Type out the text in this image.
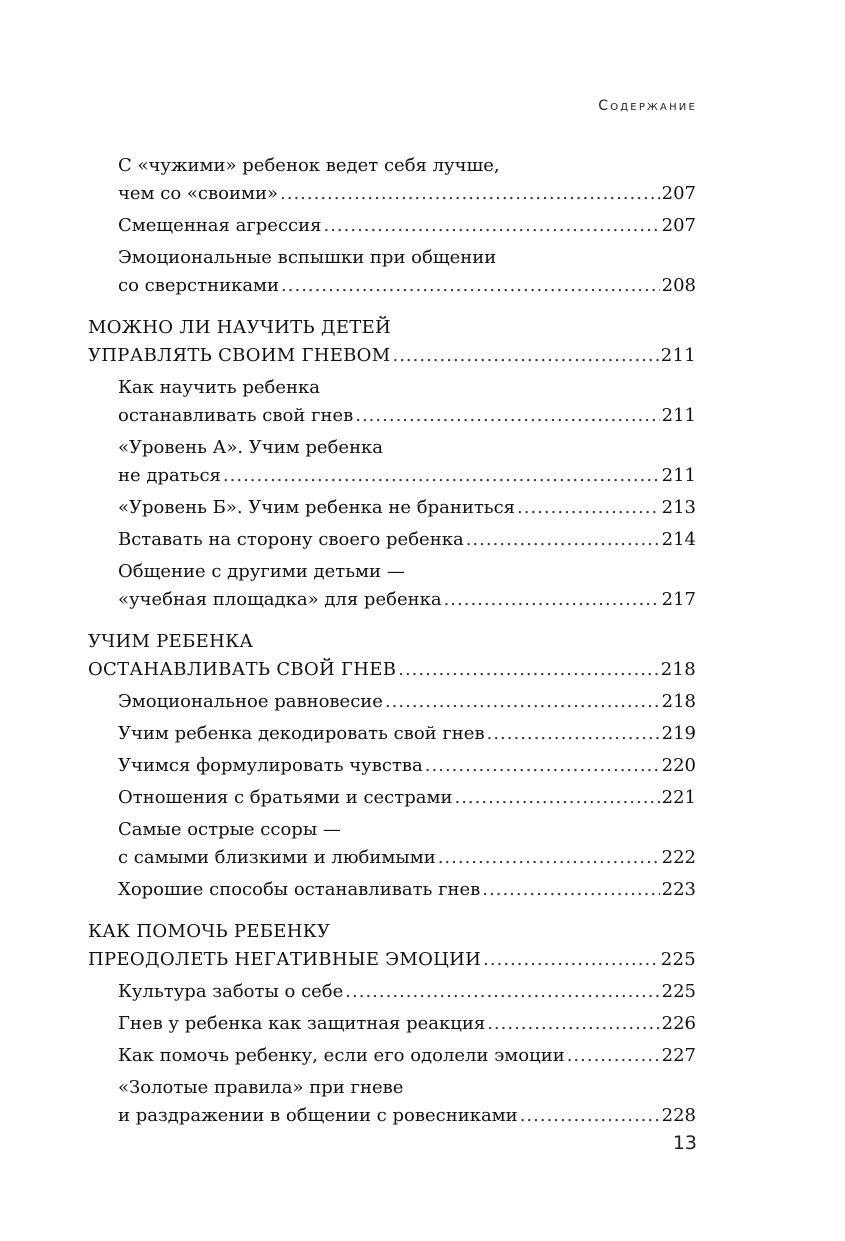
Содержание
С «чужими» ребенок ведет себя лучше,
чем со «своими» .....	207
Смещенная агрессия .....	207
Эмоциональные вспышки при общении
со сверстниками .....	208
МОЖНО ЛИ НАУЧИТЬ ДЕТЕЙ
УПРАВЛЯТЬ СВОИМ ГНЕВОМ .....	211
Как научить ребенка
останавливать свой гнев .....	211
«Уровень А». Учим ребенка
не драться .....	211
«Уровень Б». Учим ребенка не браниться .....	213
Вставать на сторону своего ребенка .....	214
Общение с другими детьми —
«учебная площадка» для ребенка .....	217
УЧИМ РЕБЕНКА
ОСТАНАВЛИВАТЬ СВОЙ ГНЕВ .....	218
Эмоциональное равновесие .....	218
Учим ребенка декодировать свой гнев .....	219
Учимся формулировать чувства .....	220
Отношения с братьями и сестрами .....	221
Самые острые ссоры —
с самыми близкими и любимыми .....	222
Хорошие способы останавливать гнев .....	223
КАК ПОМОЧЬ РЕБЕНКУ
ПРЕОДОЛЕТЬ НЕГАТИВНЫЕ ЭМОЦИИ .....	225
Культура заботы о себе .....	225
Гнев у ребенка как защитная реакция .....	226
Как помочь ребенку, если его одолели эмоции .....	227
«Золотые правила» при гневе
и раздражении в общении с ровесниками .....	228
13
